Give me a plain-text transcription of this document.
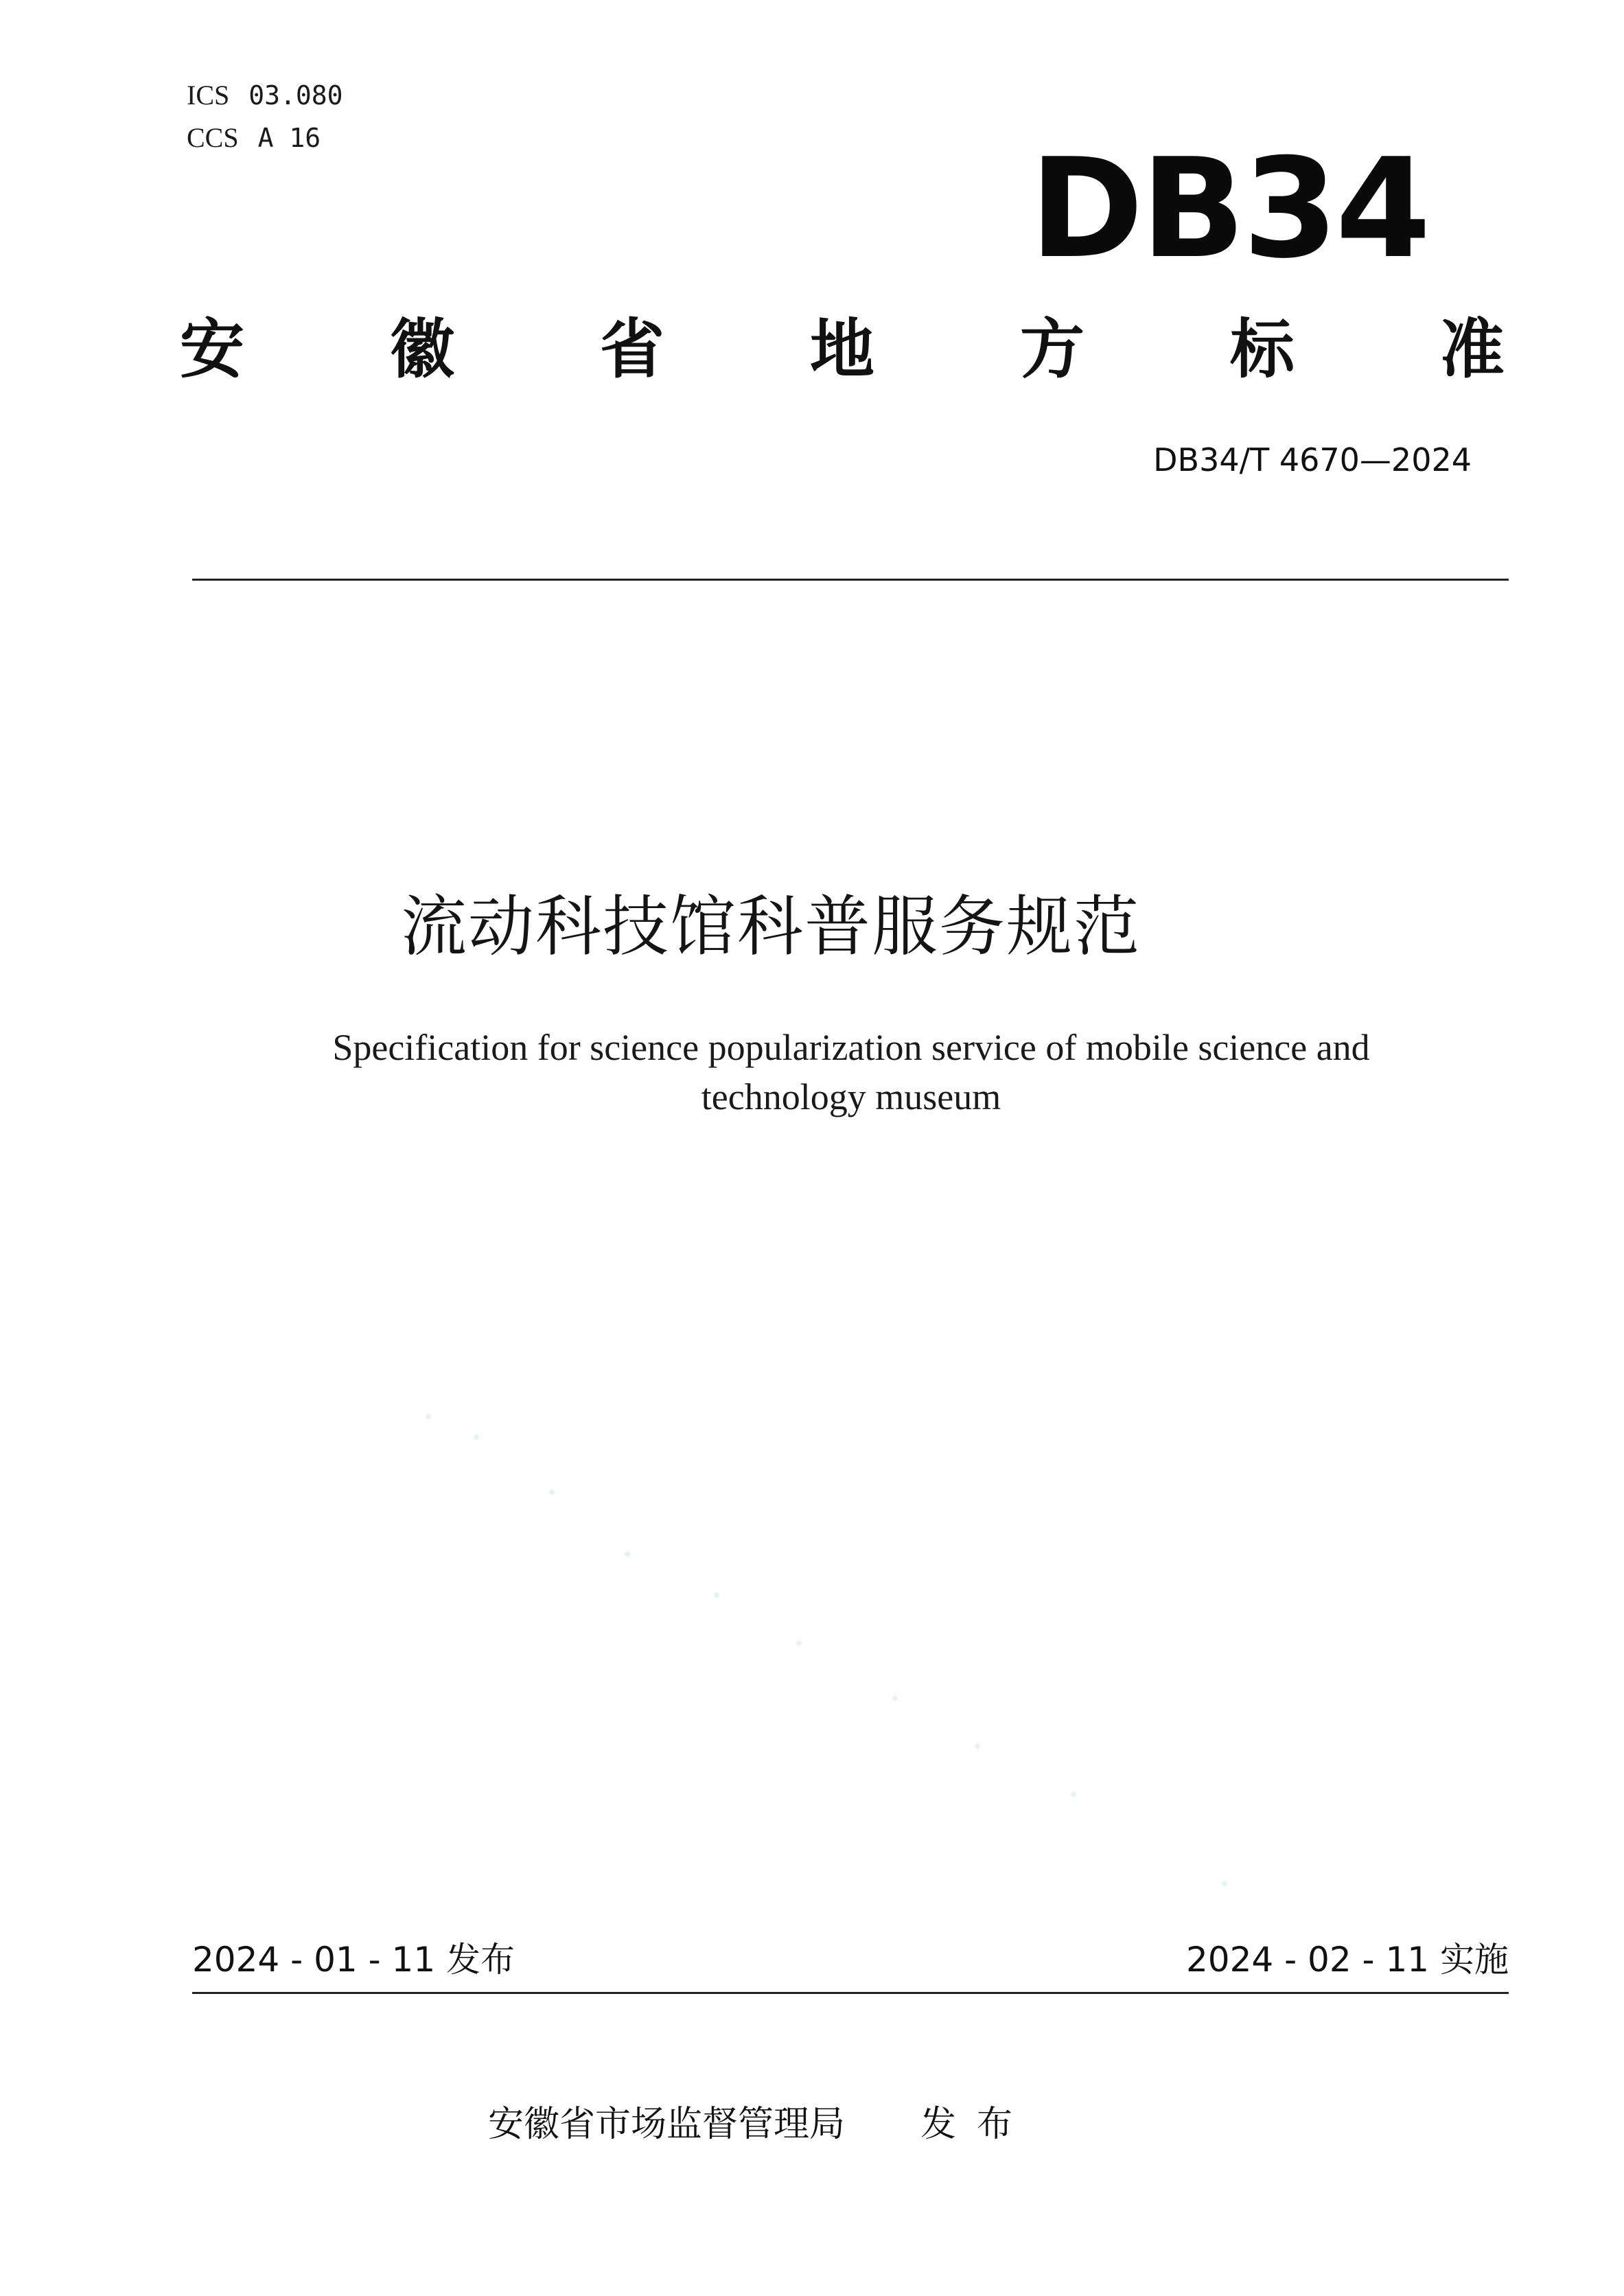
ICS 03.080
CCS A 16	DB34
安 徽 省 地 方 标 准
DB34/T 4670—2024
流动科技馆科普服务规范
Specification for science popularization service of mobile science and
technology museum
2024 - 01 - 11 发布	2024 - 02 - 11 实施
安徽省市场监督管理局 发布
